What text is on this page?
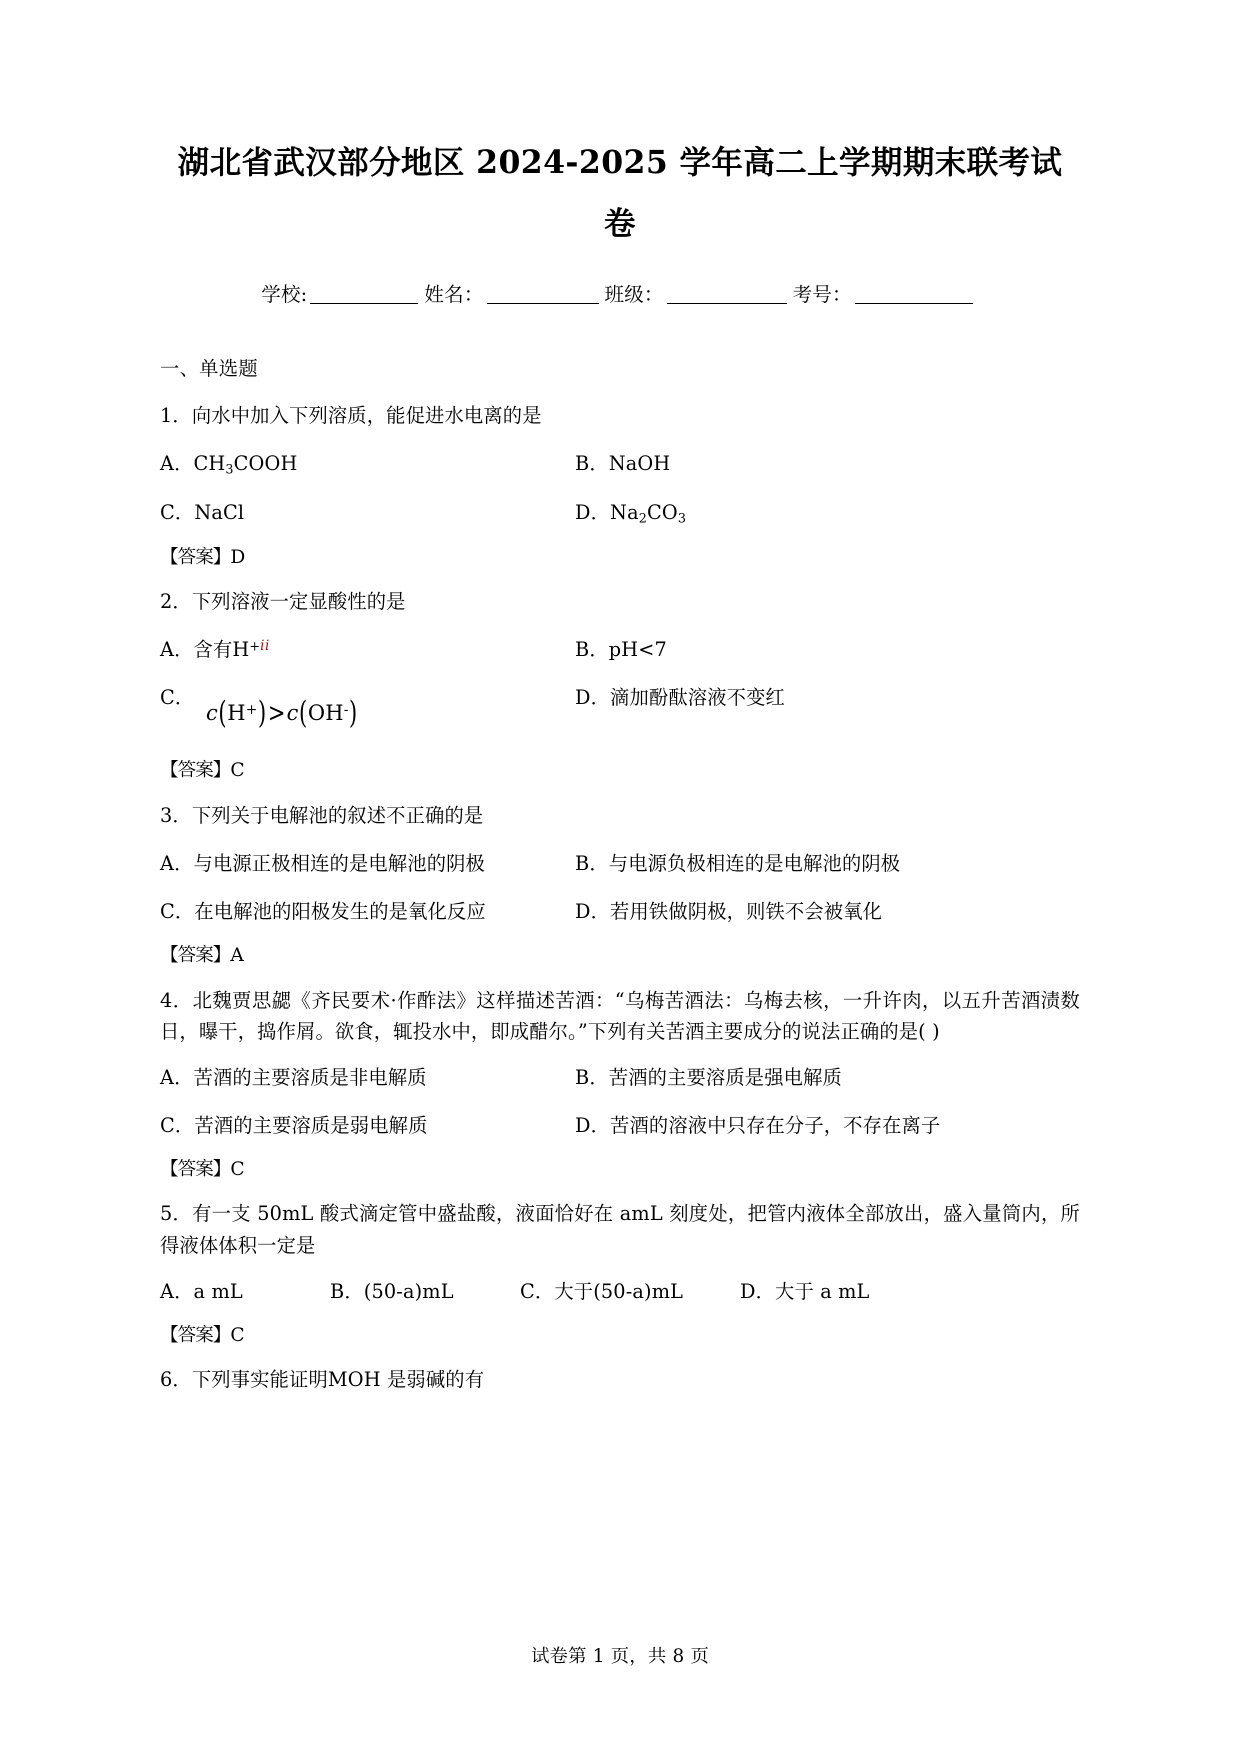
湖北省武汉部分地区 2024-2025 学年高二上学期期末联考试
卷
学校:	姓名：	班级：	考号：

一、单选题

1．向水中加入下列溶质，能促进水电离的是

A．$CH_3COOH$	B．NaOH
C．NaCl	D．$Na_2CO_3$

【答案】D

2．下列溶液一定显酸性的是

A．含有$H^{+ii}$	B．pH<7
C．
c(H+)>c(OH-)	D．滴加酚酞溶液不变红

【答案】C

3．下列关于电解池的叙述不正确的是

A．与电源正极相连的是电解池的阴极	B．与电源负极相连的是电解池的阴极
C．在电解池的阳极发生的是氧化反应	D．若用铁做阴极，则铁不会被氧化

【答案】A

4．北魏贾思勰《齐民要术·作酢法》这样描述苦酒：“乌梅苦酒法：乌梅去核，一升许肉，以五升苦酒渍数日，曝干，捣作屑。欲食，辄投水中，即成醋尔。”下列有关苦酒主要成分的说法正确的是( )

A．苦酒的主要溶质是非电解质	B．苦酒的主要溶质是强电解质
C．苦酒的主要溶质是弱电解质	D．苦酒的溶液中只存在分子，不存在离子

【答案】C

5．有一支 50mL 酸式滴定管中盛盐酸，液面恰好在 amL 刻度处，把管内液体全部放出，盛入量筒内，所得液体体积一定是

A．a mL	B．(50-a)mL	C．大于(50-a)mL	D．大于 a mL

【答案】C

6．下列事实能证明MOH 是弱碱的有

试卷第 1 页，共 8 页
